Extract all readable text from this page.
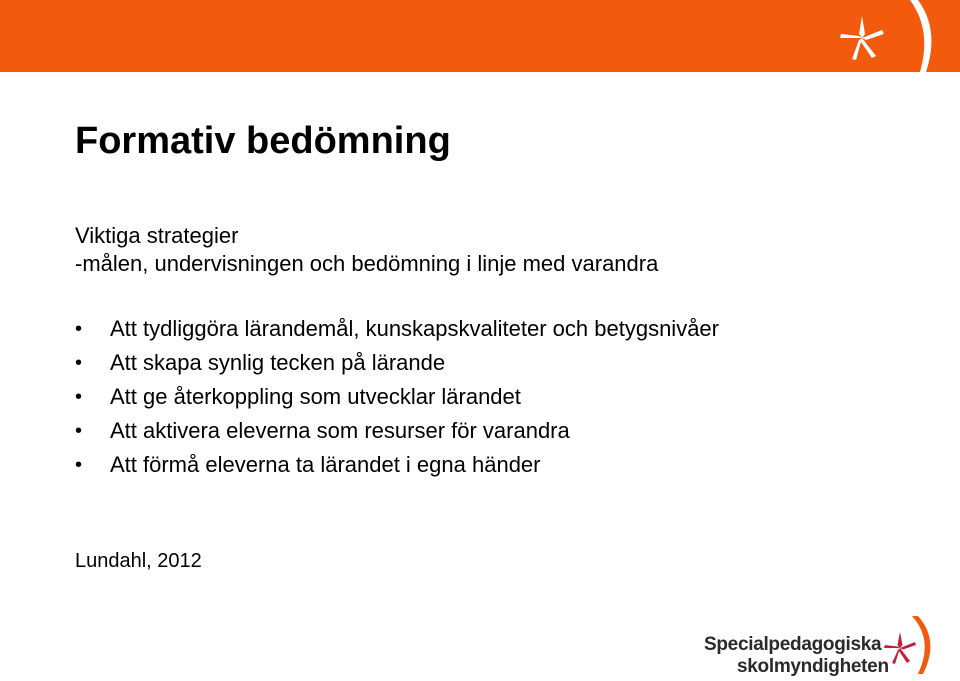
Formativ bedömning
Viktiga strategier
-målen, undervisningen och bedömning i linje med varandra
• Att tydliggöra lärandemål, kunskapskvaliteter och betygsnivåer
• Att skapa synlig tecken på lärande
• Att ge återkoppling som utvecklar lärandet
• Att aktivera eleverna som resurser för varandra
• Att förmå eleverna ta lärandet i egna händer
Lundahl, 2012
Specialpedagogiska
skolmyndigheten
